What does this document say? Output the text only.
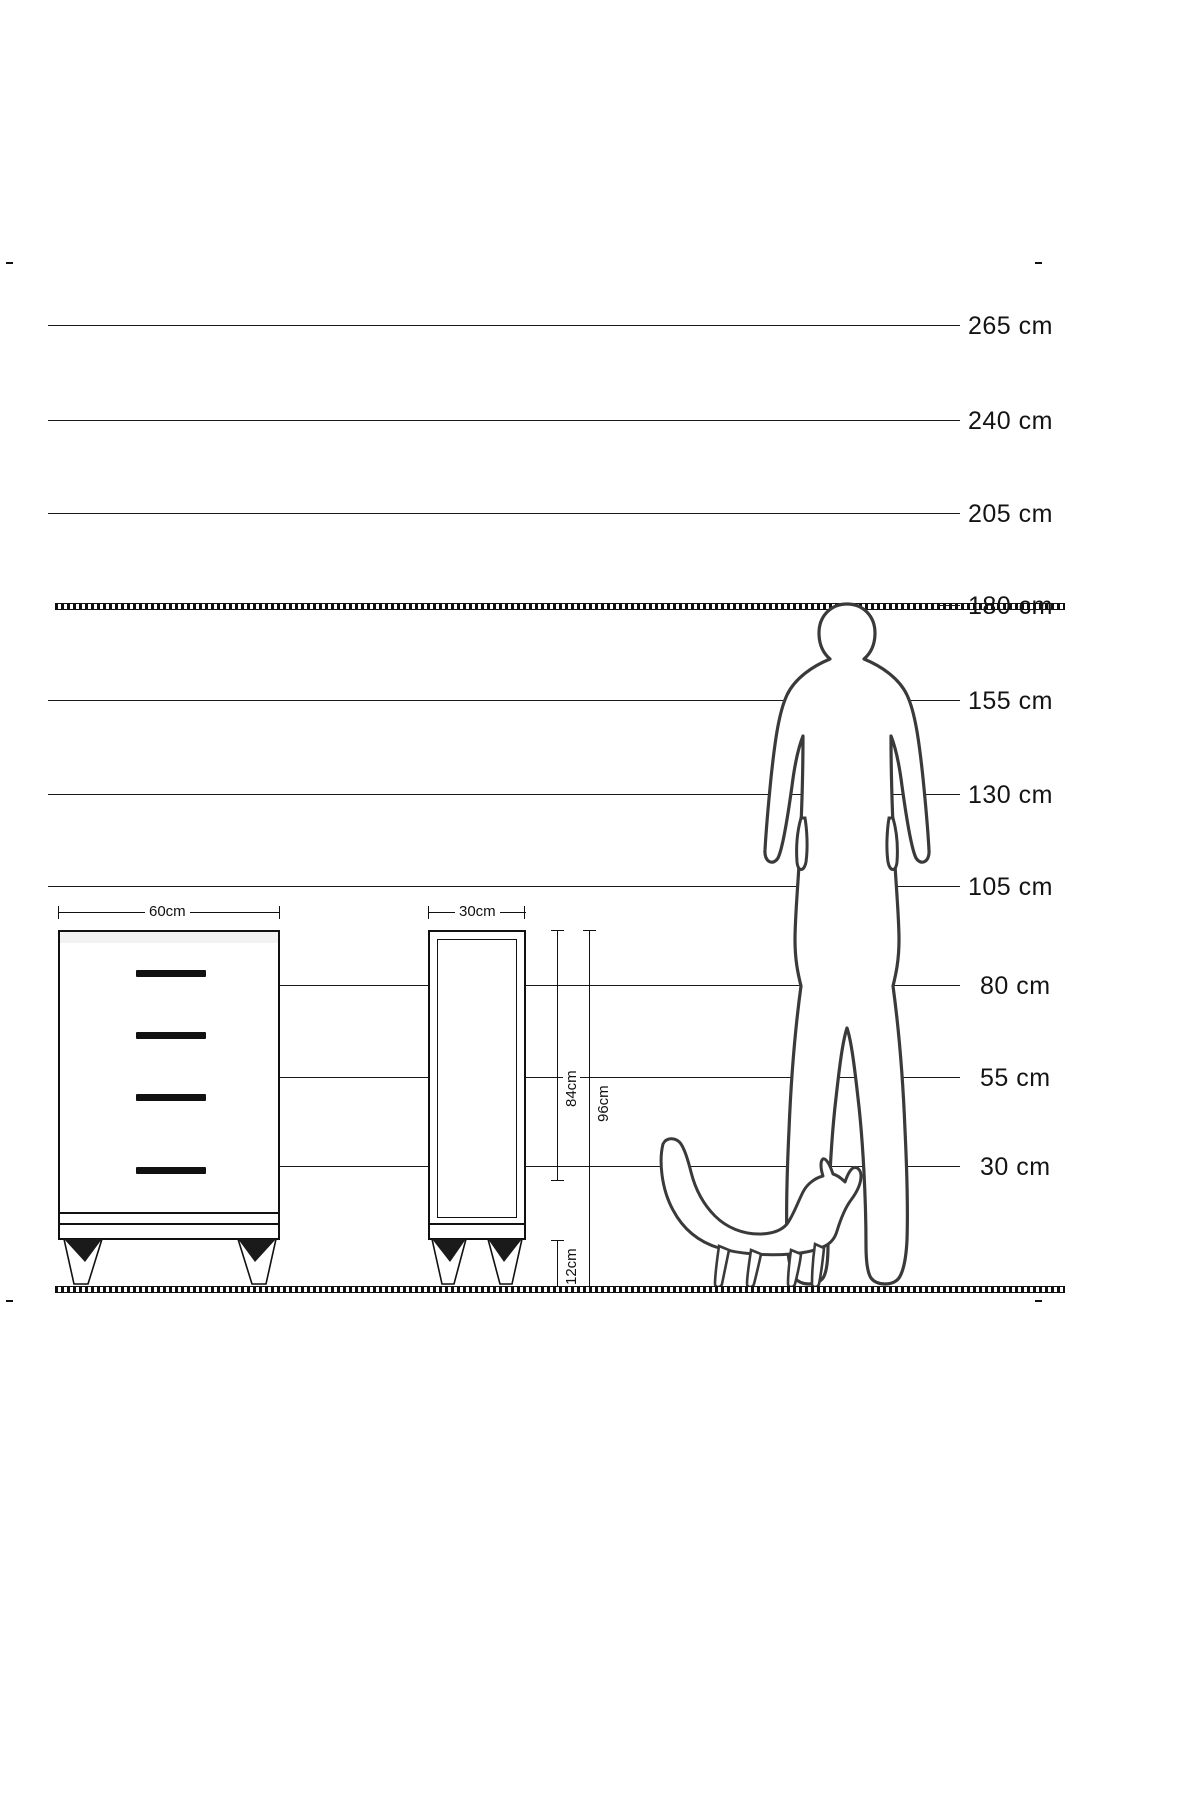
265 cm
240 cm
205 cm
180 cm
155 cm
130 cm
105 cm
80 cm
55 cm
30 cm
60cm	30cm
84cm 96cm
12cm
